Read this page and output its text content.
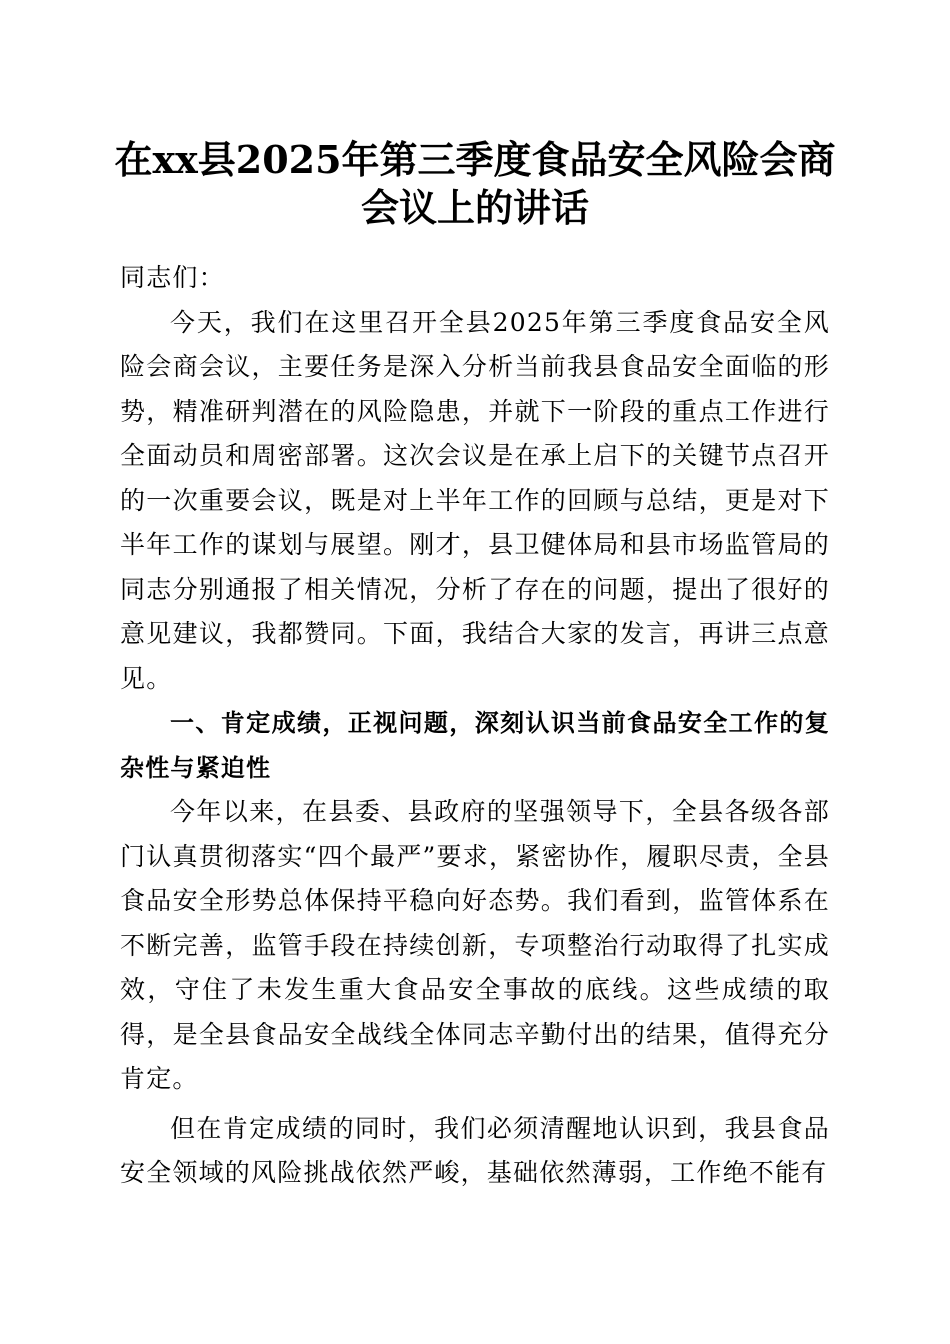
在xx县2025年第三季度食品安全风险会商会议上的讲话

同志们：

今天，我们在这里召开全县2025年第三季度食品安全风险会商会议，主要任务是深入分析当前我县食品安全面临的形势，精准研判潜在的风险隐患，并就下一阶段的重点工作进行全面动员和周密部署。这次会议是在承上启下的关键节点召开的一次重要会议，既是对上半年工作的回顾与总结，更是对下半年工作的谋划与展望。刚才，县卫健体局和县市场监管局的同志分别通报了相关情况，分析了存在的问题，提出了很好的意见建议，我都赞同。下面，我结合大家的发言，再讲三点意见。

一、肯定成绩，正视问题，深刻认识当前食品安全工作的复杂性与紧迫性

今年以来，在县委、县政府的坚强领导下，全县各级各部门认真贯彻落实“四个最严”要求，紧密协作，履职尽责，全县食品安全形势总体保持平稳向好态势。我们看到，监管体系在不断完善，监管手段在持续创新，专项整治行动取得了扎实成效，守住了未发生重大食品安全事故的底线。这些成绩的取得，是全县食品安全战线全体同志辛勤付出的结果，值得充分肯定。

但在肯定成绩的同时，我们必须清醒地认识到，我县食品安全领域的风险挑战依然严峻，基础依然薄弱，工作绝不能有
